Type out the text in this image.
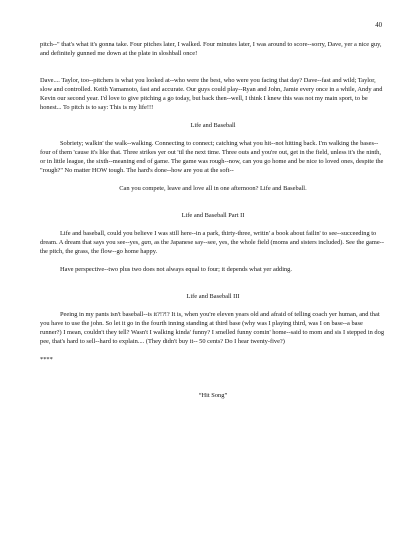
40

pitch--" that's what it's gonna take. Four pitches later, I walked. Four minutes later, I was around to score--sorry, Dave, yer a nice guy, and definitely gunned me down at the plate in sloshball once!

Dave.... Taylor, too--pitchers is what you looked at--who were the best, who were you facing that day? Dave--fast and wild; Taylor, slow and controlled. Keith Yamamoto, fast and accurate. Our guys could play--Ryan and John, Jamie every once in a while, Andy and Kevin our second year. I'd love to give pitching a go today, but back then--well, I think I knew this was not my main sport, to be honest... To pitch is to say: This is my life!!!

Life and Baseball

Sobriety; walkin' the walk--walking. Connecting to connect; catching what you hit--not hitting back. I'm walking the bases--four of them 'cause it's like that. Three strikes yer out 'til the next time. Three outs and you're out, get in the field, unless it's the ninth, or in little league, the sixth--meaning end of game. The game was rough--now, can you go home and be nice to loved ones, despite the "rough?" No matter HOW tough. The hard's done--how are you at the soft--

Can you compete, leave and love all in one afternoon? Life and Baseball.

Life and Baseball Part II

Life and baseball, could you believe I was still here--in a park, thirty-three, writin' a book about failin' to see--succeeding to dream. A dream that says you see--yes, gan, as the Japanese say--see, yes, the whole field (moms and sisters included). See the game--the pitch, the grass, the flow--go home happy.

Have perspective--two plus two does not always equal to four; it depends what yer adding.

Life and Baseball III

Peeing in my pants isn't baseball--is it?!?!? It is, when you're eleven years old and afraid of telling coach yer human, and that you have to use the john. So let it go in the fourth inning standing at third base (why was I playing third, was I on base--a base runner?) I mean, couldn't they tell? Wasn't I walking kinda' funny? I smelled funny comin' home--said to mom and sis I stepped in dog pee, that's hard to sell--hard to explain.... (They didn't buy it-- 50 cents? Do I hear twenty-five?)

****

“Hit Song”
